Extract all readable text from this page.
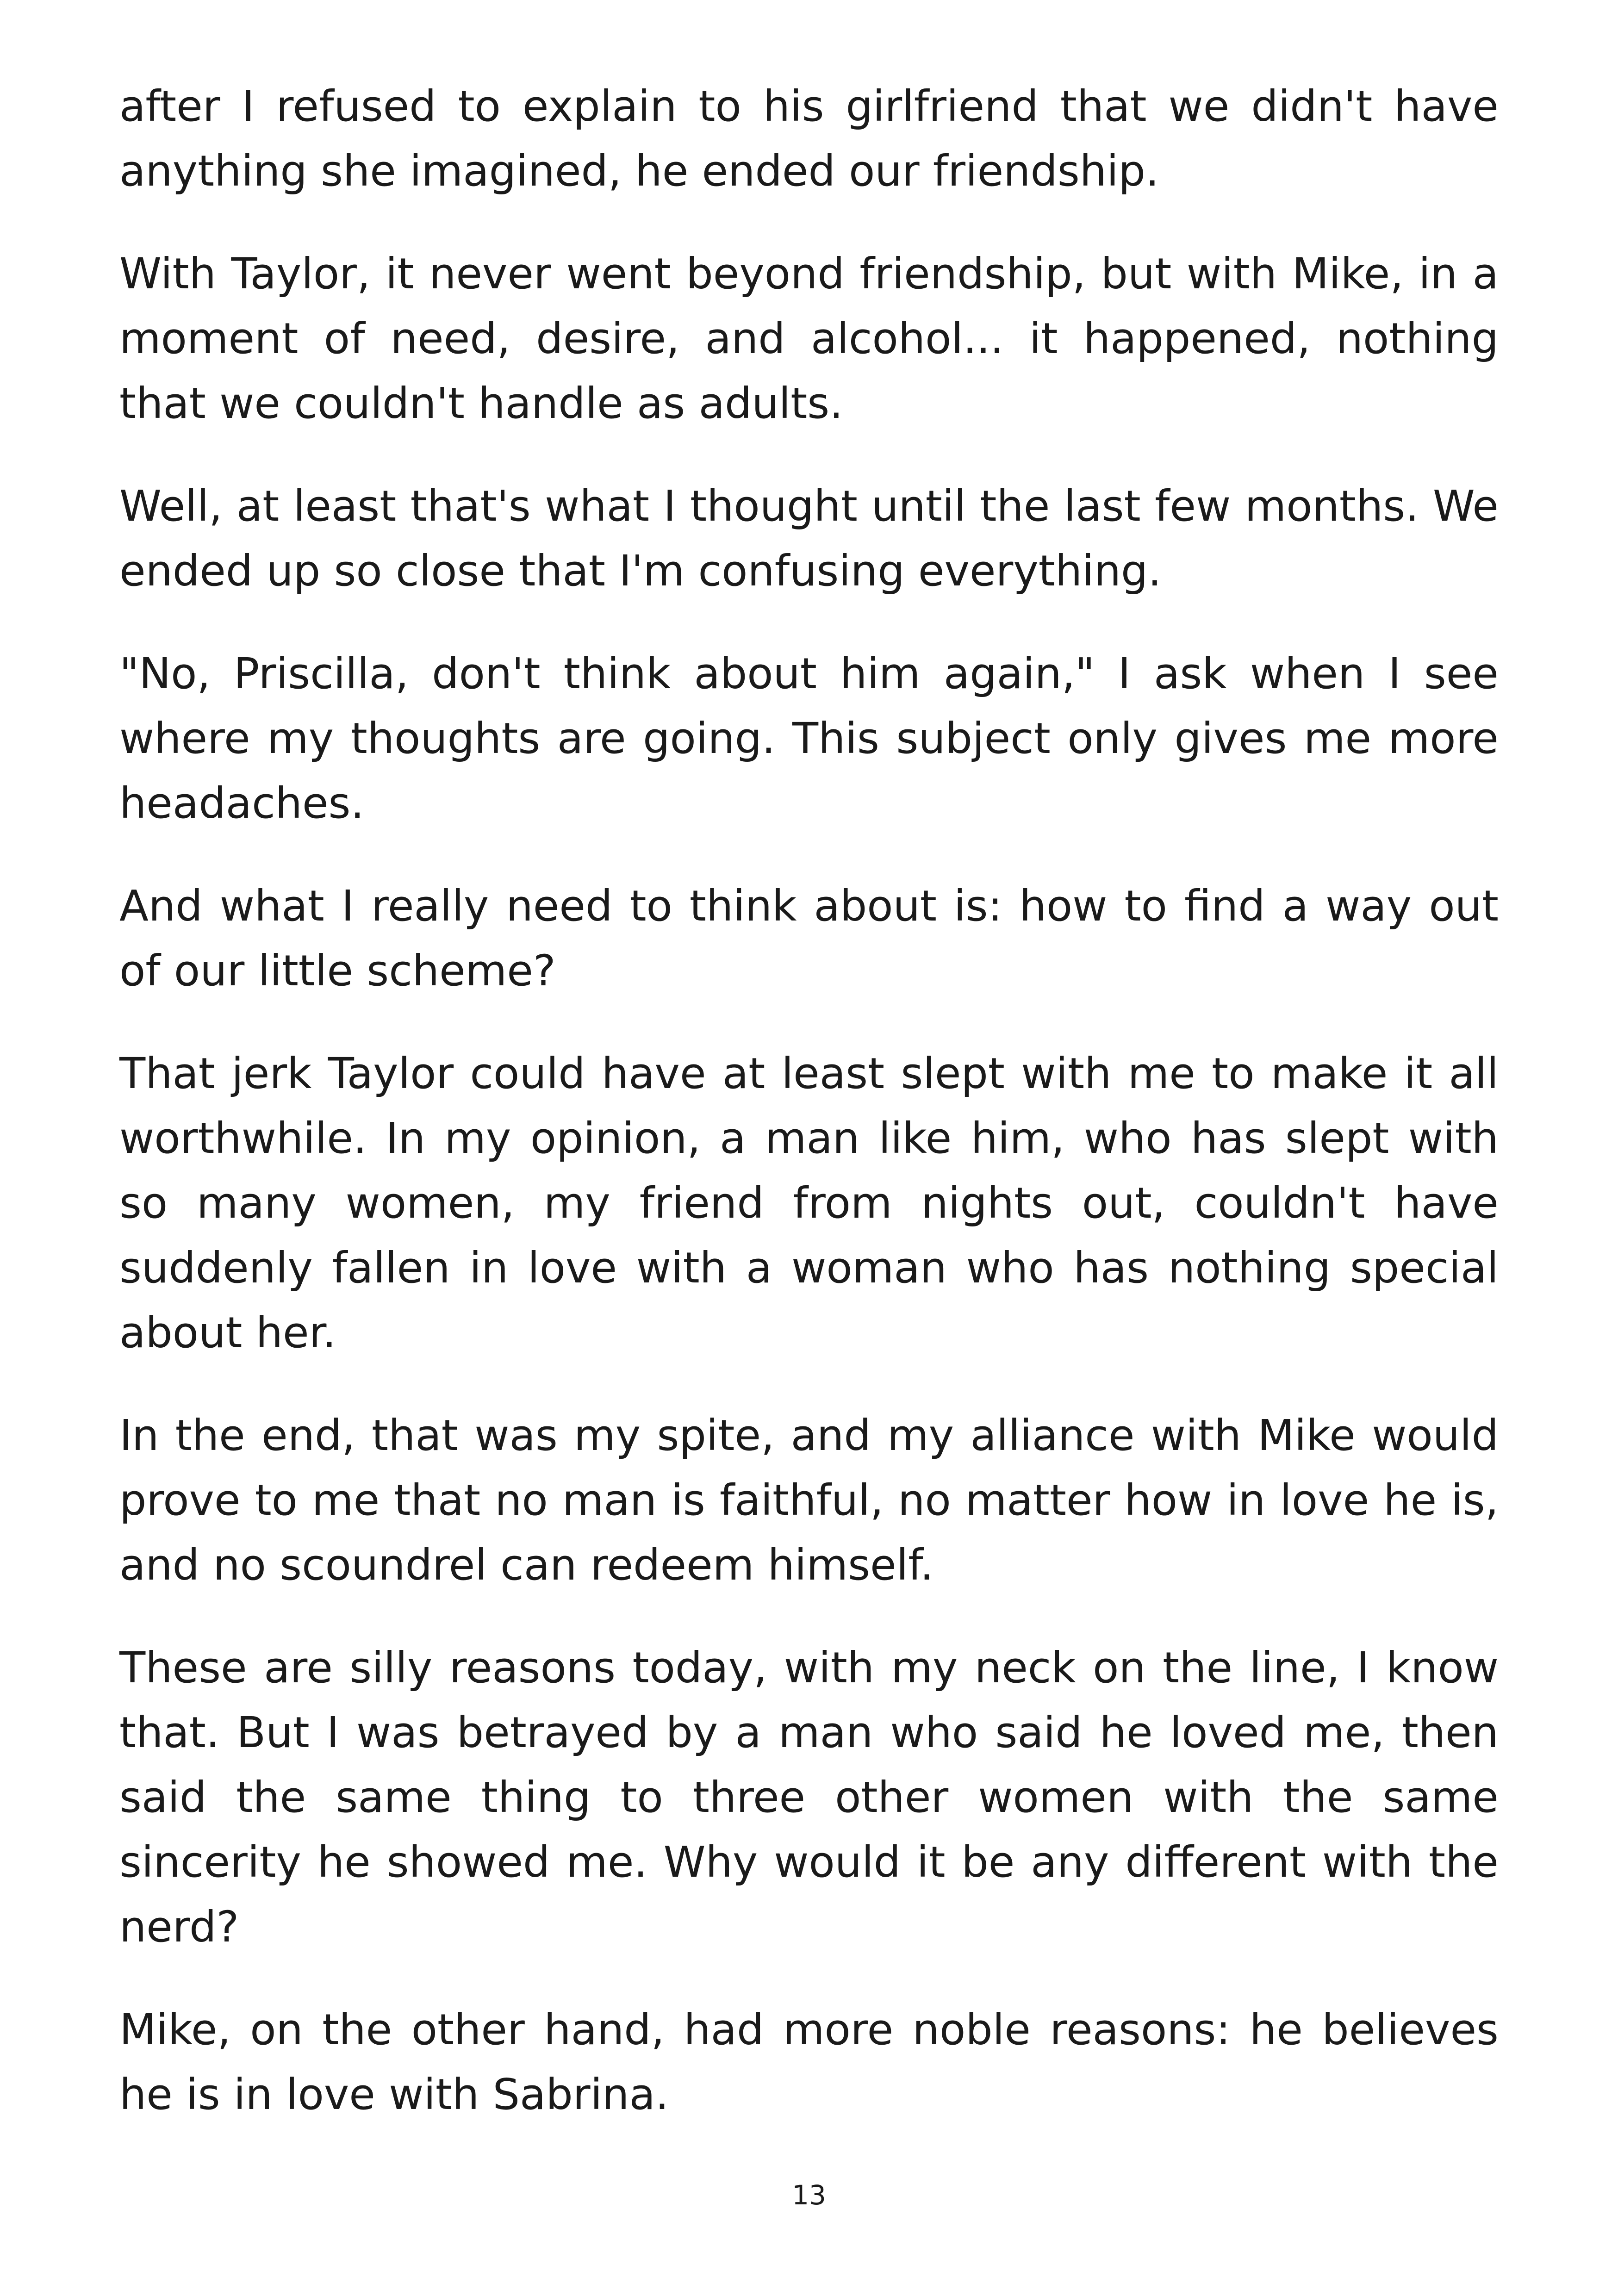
after I refused to explain to his girlfriend that we didn't have anything she imagined, he ended our friendship.

With Taylor, it never went beyond friendship, but with Mike, in a moment of need, desire, and alcohol... it happened, nothing that we couldn't handle as adults.

Well, at least that's what I thought until the last few months. We ended up so close that I'm confusing everything.

"No, Priscilla, don't think about him again," I ask when I see where my thoughts are going. This subject only gives me more headaches.

And what I really need to think about is: how to find a way out of our little scheme?

That jerk Taylor could have at least slept with me to make it all worthwhile. In my opinion, a man like him, who has slept with so many women, my friend from nights out, couldn't have suddenly fallen in love with a woman who has nothing special about her.

In the end, that was my spite, and my alliance with Mike would prove to me that no man is faithful, no matter how in love he is, and no scoundrel can redeem himself.

These are silly reasons today, with my neck on the line, I know that. But I was betrayed by a man who said he loved me, then said the same thing to three other women with the same sincerity he showed me. Why would it be any different with the nerd?

Mike, on the other hand, had more noble reasons: he believes he is in love with Sabrina.

13
